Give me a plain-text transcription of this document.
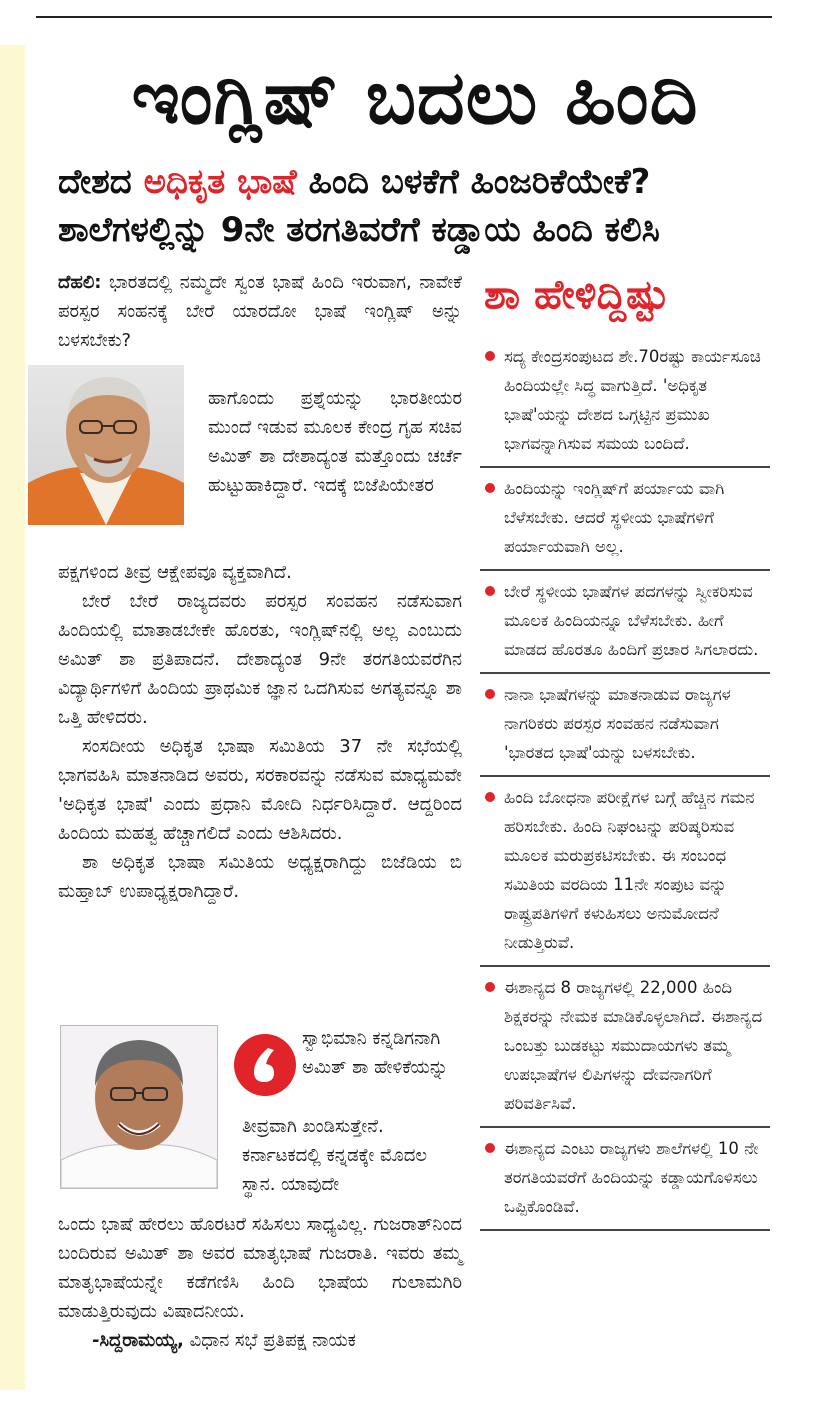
ಇಂಗ್ಲಿಷ್ ಬದಲು ಹಿಂದಿ
ದೇಶದ ಅಧಿಕೃತ ಭಾಷೆ ಹಿಂದಿ ಬಳಕೆಗೆ ಹಿಂಜರಿಕೆಯೇಕೆ?
ಶಾಲೆಗಳಲ್ಲಿನ್ನು 9ನೇ ತರಗತಿವರೆಗೆ ಕಡ್ಡಾಯ ಹಿಂದಿ ಕಲಿಸಿ

ದೆಹಲಿ: ಭಾರತದಲ್ಲಿ ನಮ್ಮದೇ ಸ್ವಂತ ಭಾಷೆ ಹಿಂದಿ ಇರುವಾಗ, ನಾವೇಕೆ ಪರಸ್ಪರ ಸಂಹನಕ್ಕೆ ಬೇರೆ ಯಾರದೋ ಭಾಷೆ ಇಂಗ್ಲಿಷ್ ಅನ್ನು ಬಳಸಬೇಕು?

ಹಾಗೊಂದು ಪ್ರಶ್ನೆಯನ್ನು ಭಾರತೀಯರ ಮುಂದೆ ಇಡುವ ಮೂಲಕ ಕೇಂದ್ರ ಗೃಹ ಸಚಿವ ಅಮಿತ್ ಶಾ ದೇಶಾದ್ಯಂತ ಮತ್ತೊಂದು ಚರ್ಚೆ ಹುಟ್ಟುಹಾಕಿದ್ದಾರೆ. ಇದಕ್ಕೆ ಬಿಜೆಪಿಯೇತರ

ಪಕ್ಷಗಳಿಂದ ತೀವ್ರ ಆಕ್ಷೇಪವೂ ವ್ಯಕ್ತವಾಗಿದೆ.

ಬೇರೆ ಬೇರೆ ರಾಜ್ಯದವರು ಪರಸ್ಪರ ಸಂವಹನ ನಡೆಸುವಾಗ ಹಿಂದಿಯಲ್ಲಿ ಮಾತಾಡಬೇಕೇ ಹೊರತು, ಇಂಗ್ಲಿಷ್‌ನಲ್ಲಿ ಅಲ್ಲ ಎಂಬುದು ಅಮಿತ್ ಶಾ ಪ್ರತಿಪಾದನೆ. ದೇಶಾದ್ಯಂತ 9ನೇ ತರಗತಿಯವರೆಗಿನ ವಿದ್ಯಾರ್ಥಿಗಳಿಗೆ ಹಿಂದಿಯ ಪ್ರಾಥಮಿಕ ಜ್ಞಾನ ಒದಗಿಸುವ ಅಗತ್ಯವನ್ನೂ ಶಾ ಒತ್ತಿ ಹೇಳಿದರು.

ಸಂಸದೀಯ ಅಧಿಕೃತ ಭಾಷಾ ಸಮಿತಿಯ 37 ನೇ ಸಭೆಯಲ್ಲಿ ಭಾಗವಹಿಸಿ ಮಾತನಾಡಿದ ಅವರು, ಸರಕಾರವನ್ನು ನಡೆಸುವ ಮಾಧ್ಯಮವೇ 'ಅಧಿಕೃತ ಭಾಷೆ' ಎಂದು ಪ್ರಧಾನಿ ಮೋದಿ ನಿರ್ಧರಿಸಿದ್ದಾರೆ. ಆದ್ದರಿಂದ ಹಿಂದಿಯ ಮಹತ್ವ ಹೆಚ್ಚಾಗಲಿದೆ ಎಂದು ಆಶಿಸಿದರು.

ಶಾ ಅಧಿಕೃತ ಭಾಷಾ ಸಮಿತಿಯ ಅಧ್ಯಕ್ಷರಾಗಿದ್ದು ಬಿಜೆಡಿಯ ಬಿ ಮಹ್ತಾಬ್ ಉಪಾಧ್ಯಕ್ಷರಾಗಿದ್ದಾರೆ.

ಸ್ವಾಭಿಮಾನಿ ಕನ್ನಡಿಗನಾಗಿ ಅಮಿತ್ ಶಾ ಹೇಳಿಕೆಯನ್ನು
ತೀವ್ರವಾಗಿ ಖಂಡಿಸುತ್ತೇನೆ. ಕರ್ನಾಟಕದಲ್ಲಿ ಕನ್ನಡಕ್ಕೇ ಮೊದಲ ಸ್ಥಾನ. ಯಾವುದೇ

ಒಂದು ಭಾಷೆ ಹೇರಲು ಹೊರಟರೆ ಸಹಿಸಲು ಸಾಧ್ಯವಿಲ್ಲ. ಗುಜರಾತ್‌ನಿಂದ ಬಂದಿರುವ ಅಮಿತ್ ಶಾ ಅವರ ಮಾತೃಭಾಷೆ ಗುಜರಾತಿ. ಇವರು ತಮ್ಮ ಮಾತೃಭಾಷೆಯನ್ನೇ ಕಡೆಗಣಿಸಿ ಹಿಂದಿ ಭಾಷೆಯ ಗುಲಾಮಗಿರಿ ಮಾಡುತ್ತಿರುವುದು ವಿಷಾದನೀಯ.

-ಸಿದ್ದರಾಮಯ್ಯ, ವಿಧಾನ ಸಭೆ ಪ್ರತಿಪಕ್ಷ ನಾಯಕ

ಶಾ ಹೇಳಿದ್ದಿಷ್ಟು
ಸದ್ಯ ಕೇಂದ್ರಸಂಪುಟದ ಶೇ.70ರಷ್ಟು ಕಾರ್ಯಸೂಚಿ ಹಿಂದಿಯಲ್ಲೇ ಸಿದ್ಧ ವಾಗುತ್ತಿದೆ. 'ಅಧಿಕೃತ ಭಾಷೆ'ಯನ್ನು ದೇಶದ ಒಗ್ಗಟ್ಟಿನ ಪ್ರಮುಖ ಭಾಗವನ್ನಾಗಿಸುವ ಸಮಯ ಬಂದಿದೆ.
ಹಿಂದಿಯನ್ನು ಇಂಗ್ಲಿಷ್‌ಗೆ ಪರ್ಯಾಯ ವಾಗಿ ಬೆಳೆಸಬೇಕು. ಆದರೆ ಸ್ಥಳೀಯ ಭಾಷೆಗಳಿಗೆ ಪರ್ಯಾಯವಾಗಿ ಅಲ್ಲ.
ಬೇರೆ ಸ್ಥಳೀಯ ಭಾಷೆಗಳ ಪದಗಳನ್ನು ಸ್ವೀಕರಿಸುವ ಮೂಲಕ ಹಿಂದಿಯನ್ನೂ ಬೆಳೆಸಬೇಕು. ಹೀಗೆ ಮಾಡದ ಹೊರತೂ ಹಿಂದಿಗೆ ಪ್ರಚಾರ ಸಿಗಲಾರದು.
ನಾನಾ ಭಾಷೆಗಳನ್ನು ಮಾತನಾಡುವ ರಾಜ್ಯಗಳ ನಾಗರಿಕರು ಪರಸ್ಪರ ಸಂವಹನ ನಡೆಸುವಾಗ 'ಭಾರತದ ಭಾಷೆ'ಯನ್ನು ಬಳಸಬೇಕು.
ಹಿಂದಿ ಬೋಧನಾ ಪರೀಕ್ಷೆಗಳ ಬಗ್ಗೆ ಹೆಚ್ಚಿನ ಗಮನ ಹರಿಸಬೇಕು. ಹಿಂದಿ ನಿಘಂಟನ್ನು ಪರಿಷ್ಕರಿಸುವ ಮೂಲಕ ಮರುಪ್ರಕಟಿಸಬೇಕು. ಈ ಸಂಬಂಧ ಸಮಿತಿಯ ವರದಿಯ 11ನೇ ಸಂಪುಟ ವನ್ನು ರಾಷ್ಟ್ರಪತಿಗಳಿಗೆ ಕಳುಹಿಸಲು ಅನುಮೋದನೆ ನೀಡುತ್ತಿರುವೆ.
ಈಶಾನ್ಯದ 8 ರಾಜ್ಯಗಳಲ್ಲಿ 22,000 ಹಿಂದಿ ಶಿಕ್ಷಕರನ್ನು ನೇಮಕ ಮಾಡಿಕೊಳ್ಳಲಾಗಿದೆ. ಈಶಾನ್ಯದ ಒಂಬತ್ತು ಬುಡಕಟ್ಟು ಸಮುದಾಯಗಳು ತಮ್ಮ ಉಪಭಾಷೆಗಳ ಲಿಪಿಗಳನ್ನು ದೇವನಾಗರಿಗೆ ಪರಿವರ್ತಿಸಿವೆ.
ಈಶಾನ್ಯದ ಎಂಟು ರಾಜ್ಯಗಳು ಶಾಲೆಗಳಲ್ಲಿ 10 ನೇ ತರಗತಿಯವರೆಗೆ ಹಿಂದಿಯನ್ನು ಕಡ್ಡಾಯಗೊಳಿಸಲು ಒಪ್ಪಿಕೊಂಡಿವೆ.
